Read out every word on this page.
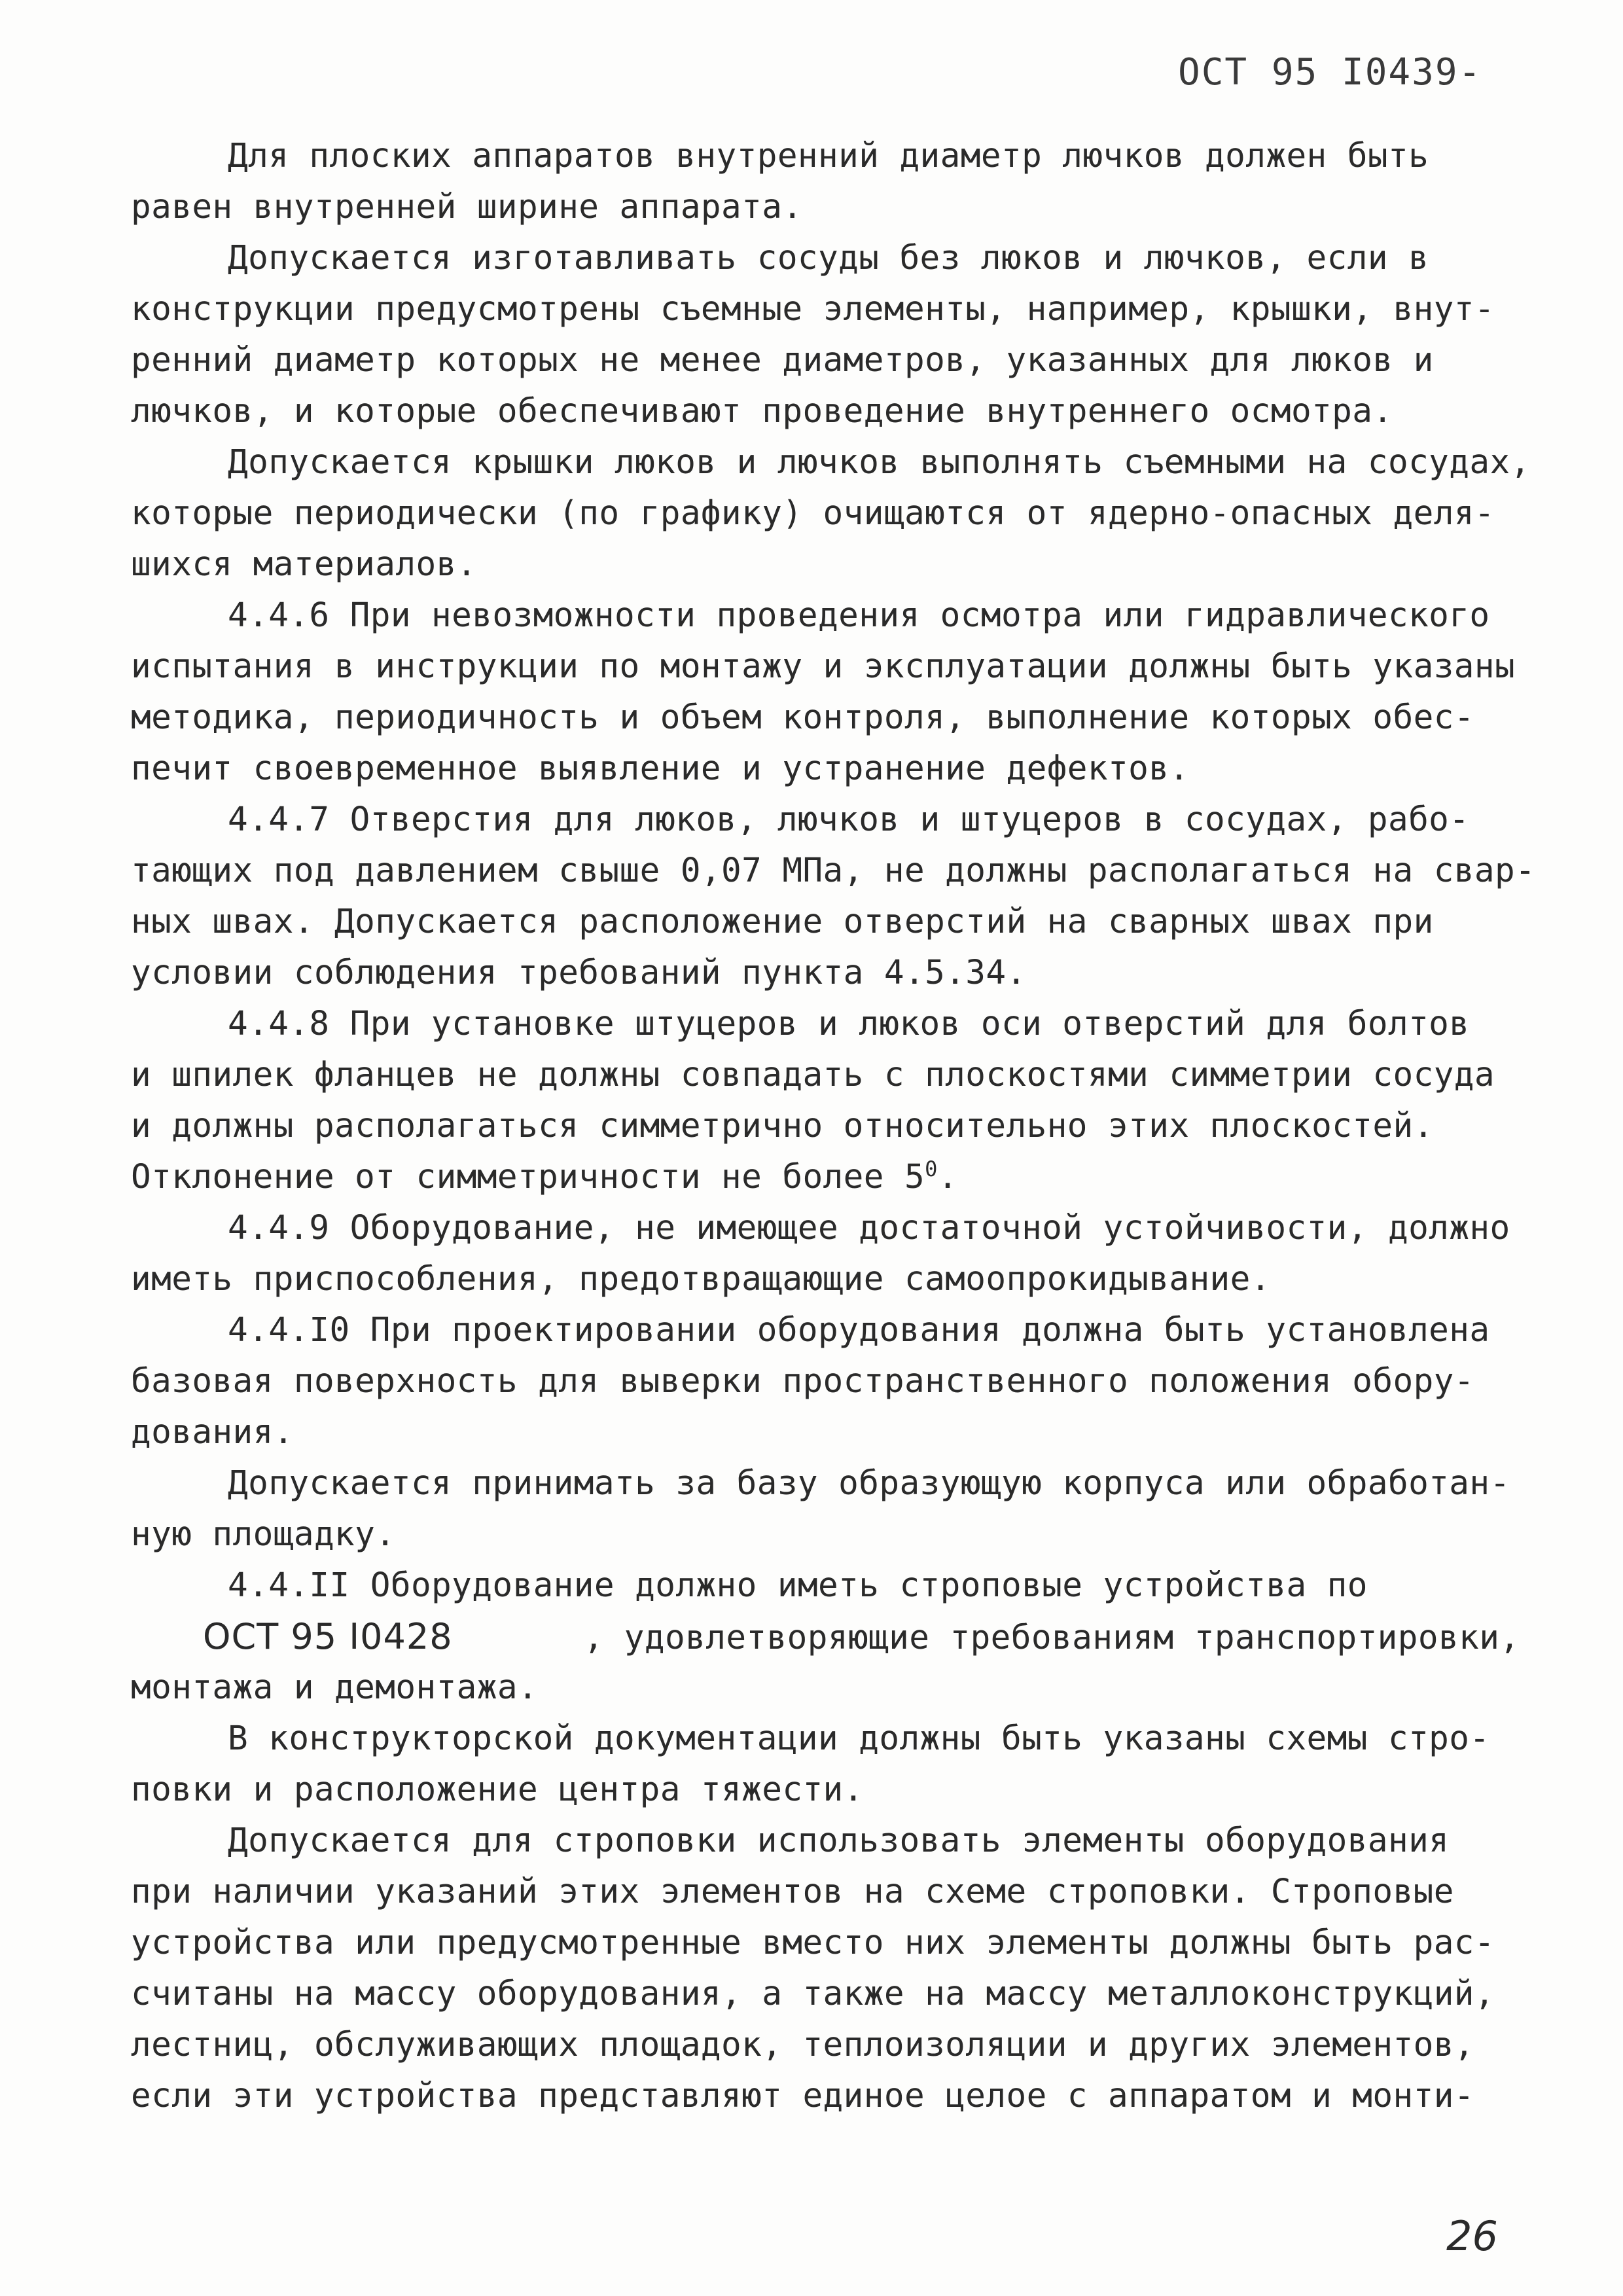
ОСТ 95 I0439-
Для плоских аппаратов внутренний диаметр лючков должен быть
равен внутренней ширине аппарата.
Допускается изготавливать сосуды без люков и лючков, если в
конструкции предусмотрены съемные элементы, например, крышки, внут-
ренний диаметр которых не менее диаметров, указанных для люков и
лючков, и которые обеспечивают проведение внутреннего осмотра.
Допускается крышки люков и лючков выполнять съемными на сосудах,
которые периодически (по графику) очищаются от ядерно-опасных деля-
шихся материалов.
4.4.6 При невозможности проведения осмотра или гидравлического
испытания в инструкции по монтажу и эксплуатации должны быть указаны
методика, периодичность и объем контроля, выполнение которых обес-
печит своевременное выявление и устранение дефектов.
4.4.7 Отверстия для люков, лючков и штуцеров в сосудах, рабо-
тающих под давлением свыше 0,07 МПа, не должны располагаться на свар-
ных швах. Допускается расположение отверстий на сварных швах при
условии соблюдения требований пункта 4.5.34.
4.4.8 При установке штуцеров и люков оси отверстий для болтов
и шпилек фланцев не должны совпадать с плоскостями симметрии сосуда
и должны располагаться симметрично относительно этих плоскостей.
Отклонение от симметричности не более $5^0$.
4.4.9 Оборудование, не имеющее достаточной устойчивости, должно
иметь приспособления, предотвращающие самоопрокидывание.
4.4.I0 При проектировании оборудования должна быть установлена
базовая поверхность для выверки пространственного положения обору-
дования.
Допускается принимать за базу образующую корпуса или обработан-
ную площадку.
4.4.II Оборудование должно иметь строповые устройства по
ОСТ 95 I0428	, удовлетворяющие требованиям транспортировки,
монтажа и демонтажа.
В конструкторской документации должны быть указаны схемы стро-
повки и расположение центра тяжести.
Допускается для строповки использовать элементы оборудования
при наличии указаний этих элементов на схеме строповки. Строповые
устройства или предусмотренные вместо них элементы должны быть рас-
считаны на массу оборудования, а также на массу металлоконструкций,
лестниц, обслуживающих площадок, теплоизоляции и других элементов,
если эти устройства представляют единое целое с аппаратом и монти-
26
